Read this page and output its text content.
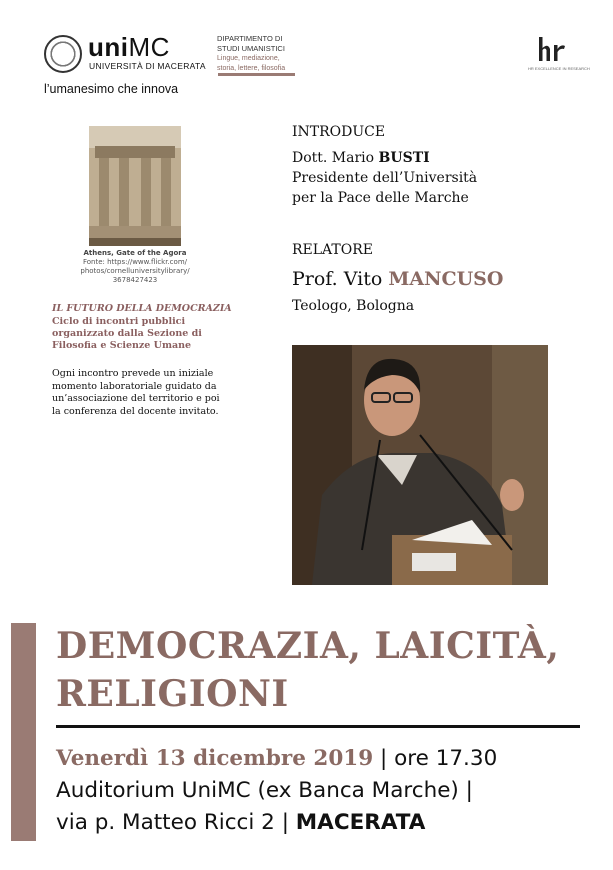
uniMC
UNIVERSITÀ DI MACERATA
l’umanesimo che innova
DIPARTIMENTO DI
STUDI UMANISTICI
Lingue, mediazione,
storia, lettere, filosofia	HR EXCELLENCE IN RESEARCH
Athens, Gate of the Agora
Fonte: https://www.flickr.com/
photos/cornelluniversitylibrary/
3678427423
IL FUTURO DELLA DEMOCRAZIA
Ciclo di incontri pubblici
organizzato dalla Sezione di
Filosofia e Scienze Umane
Ogni incontro prevede un iniziale
momento laboratoriale guidato da
un’associazione del territorio e poi
la conferenza del docente invitato.
INTRODUCE
Dott. Mario BUSTI
Presidente dell’Università
per la Pace delle Marche
RELATORE
Prof. Vito MANCUSO
Teologo, Bologna
DEMOCRAZIA, LAICITÀ,
RELIGIONI
Venerdì 13 dicembre 2019 | ore 17.30
Auditorium UniMC (ex Banca Marche) |
via p. Matteo Ricci 2 | MACERATA
